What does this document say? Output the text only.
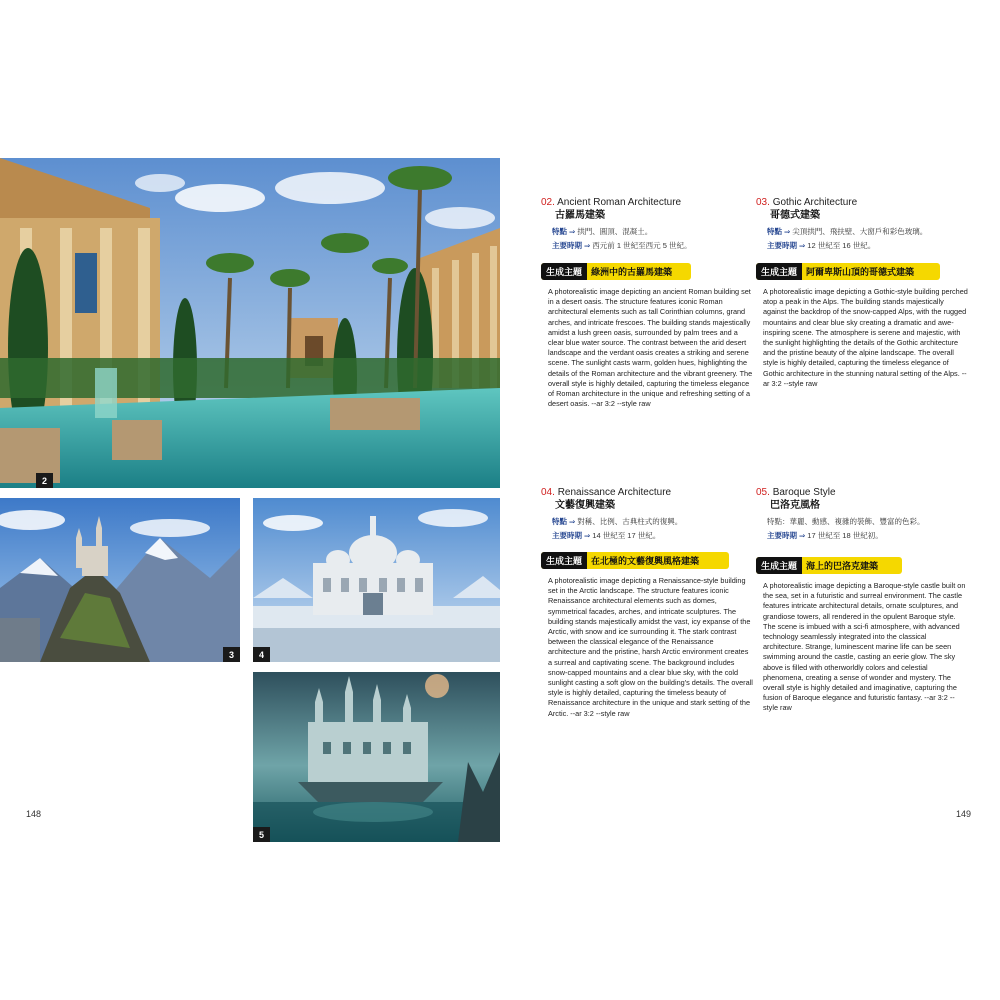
2
3	4
5
148	149
02. Ancient Roman Architecture
古羅馬建築
特點 ⇒ 拱門、圓頂、混凝土。
主要時期 ⇒ 西元前 1 世紀至西元 5 世紀。
生成主題	綠洲中的古羅馬建築
A photorealistic image depicting an ancient Roman building set in a desert oasis. The structure features iconic Roman architectural elements such as tall Corinthian columns, grand arches, and intricate frescoes. The building stands majestically amidst a lush green oasis, surrounded by palm trees and a clear blue water source. The contrast between the arid desert landscape and the verdant oasis creates a striking and serene scene. The sunlight casts warm, golden hues, highlighting the details of the Roman architecture and the vibrant greenery. The overall style is highly detailed, capturing the timeless elegance of Roman architecture in the unique and refreshing setting of a desert oasis. --ar 3:2 --style raw
03. Gothic Architecture
哥德式建築
特點 ⇒ 尖頂拱門、飛扶壁、大窗戶和彩色玻璃。
主要時期 ⇒ 12 世紀至 16 世紀。
生成主題	阿爾卑斯山頂的哥德式建築
A photorealistic image depicting a Gothic-style building perched atop a peak in the Alps. The building stands majestically against the backdrop of the snow-capped Alps, with the rugged mountains and clear blue sky creating a dramatic and awe-inspiring scene. The atmosphere is serene and majestic, with the sunlight highlighting the details of the Gothic architecture and the pristine beauty of the alpine landscape. The overall style is highly detailed, capturing the timeless elegance of Gothic architecture in the stunning natural setting of the Alps. --ar 3:2 --style raw
04. Renaissance Architecture
文藝復興建築
特點 ⇒ 對稱、比例、古典柱式的復興。
主要時期 ⇒ 14 世紀至 17 世紀。
生成主題	在北極的文藝復興風格建築
A photorealistic image depicting a Renaissance-style building set in the Arctic landscape. The structure features iconic Renaissance architectural elements such as domes, symmetrical facades, arches, and intricate sculptures. The building stands majestically amidst the vast, icy expanse of the Arctic, with snow and ice surrounding it. The stark contrast between the classical elegance of the Renaissance architecture and the pristine, harsh Arctic environment creates a surreal and captivating scene. The background includes snow-capped mountains and a clear blue sky, with the cold sunlight casting a soft glow on the building's details. The overall style is highly detailed, capturing the timeless beauty of Renaissance architecture in the unique and stark setting of the Arctic. --ar 3:2 --style raw
05. Baroque Style
巴洛克風格
特點：華麗、動感、複雜的裝飾、豐富的色彩。
主要時期 ⇒ 17 世紀至 18 世紀初。
生成主題	海上的巴洛克建築
A photorealistic image depicting a Baroque-style castle built on the sea, set in a futuristic and surreal environment. The castle features intricate architectural details, ornate sculptures, and grandiose towers, all rendered in the opulent Baroque style. The scene is imbued with a sci-fi atmosphere, with advanced technology seamlessly integrated into the classical architecture. Strange, luminescent marine life can be seen swimming around the castle, casting an eerie glow. The sky above is filled with otherworldly colors and celestial phenomena, creating a sense of wonder and mystery. The overall style is highly detailed and imaginative, capturing the fusion of Baroque elegance and futuristic fantasy. --ar 3:2 --style raw
